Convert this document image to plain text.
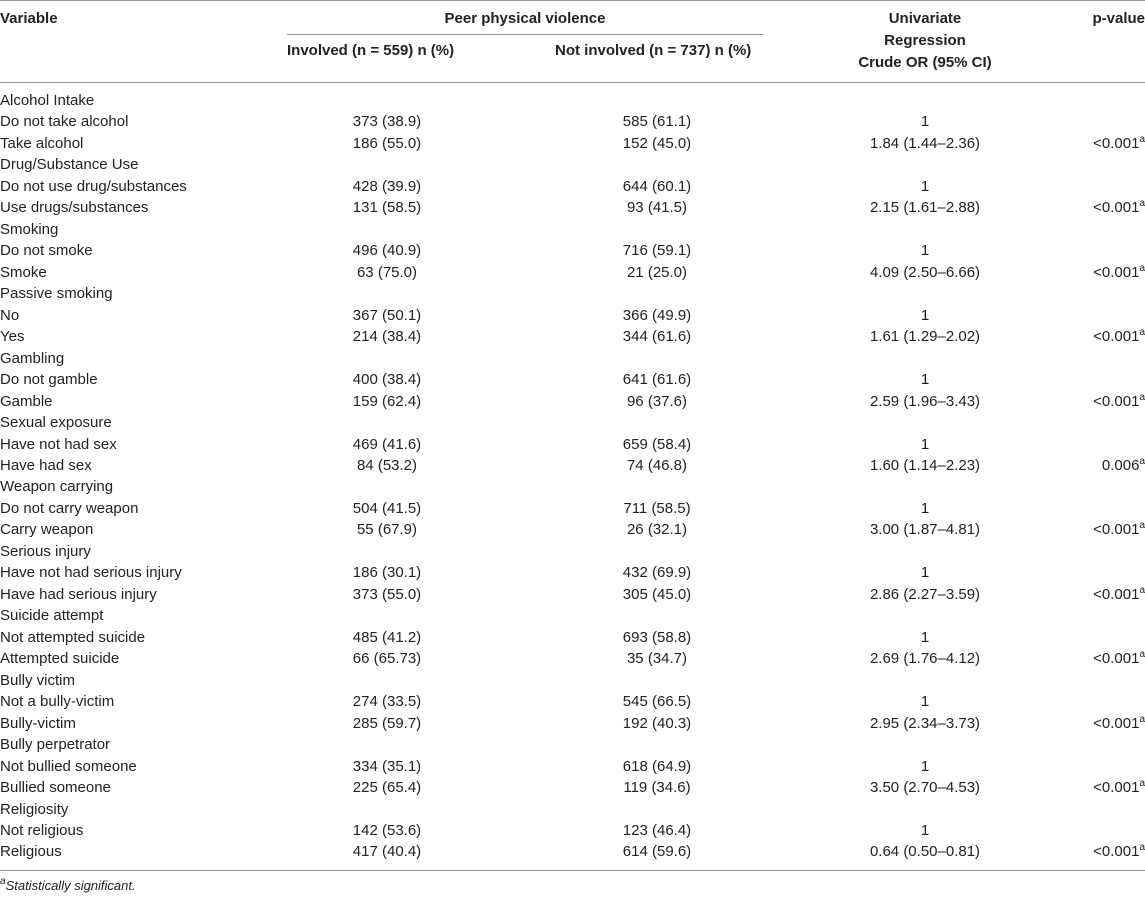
Variable	Peer physical violence
Involved (n = 559) n (%)	Not involved (n = 737) n (%)
Univariate
Regression
Crude OR (95% CI)
p-value
Alcohol Intake
Do not take alcohol	373 (38.9)	585 (61.1)	1
Take alcohol	186 (55.0)	152 (45.0)	1.84 (1.44–2.36)	<0.001$^a$
Drug/Substance Use
Do not use drug/substances	428 (39.9)	644 (60.1)	1
Use drugs/substances	131 (58.5)	93 (41.5)	2.15 (1.61–2.88)	<0.001$^a$
Smoking
Do not smoke	496 (40.9)	716 (59.1)	1
Smoke	63 (75.0)	21 (25.0)	4.09 (2.50–6.66)	<0.001$^a$
Passive smoking
No	367 (50.1)	366 (49.9)	1
Yes	214 (38.4)	344 (61.6)	1.61 (1.29–2.02)	<0.001$^a$
Gambling
Do not gamble	400 (38.4)	641 (61.6)	1
Gamble	159 (62.4)	96 (37.6)	2.59 (1.96–3.43)	<0.001$^a$
Sexual exposure
Have not had sex	469 (41.6)	659 (58.4)	1
Have had sex	84 (53.2)	74 (46.8)	1.60 (1.14–2.23)	0.006$^a$
Weapon carrying
Do not carry weapon	504 (41.5)	711 (58.5)	1
Carry weapon	55 (67.9)	26 (32.1)	3.00 (1.87–4.81)	<0.001$^a$
Serious injury
Have not had serious injury	186 (30.1)	432 (69.9)	1
Have had serious injury	373 (55.0)	305 (45.0)	2.86 (2.27–3.59)	<0.001$^a$
Suicide attempt
Not attempted suicide	485 (41.2)	693 (58.8)	1
Attempted suicide	66 (65.73)	35 (34.7)	2.69 (1.76–4.12)	<0.001$^a$
Bully victim
Not a bully-victim	274 (33.5)	545 (66.5)	1
Bully-victim	285 (59.7)	192 (40.3)	2.95 (2.34–3.73)	<0.001$^a$
Bully perpetrator
Not bullied someone	334 (35.1)	618 (64.9)	1
Bullied someone	225 (65.4)	119 (34.6)	3.50 (2.70–4.53)	<0.001$^a$
Religiosity
Not religious	142 (53.6)	123 (46.4)	1
Religious	417 (40.4)	614 (59.6)	0.64 (0.50–0.81)	<0.001$^a$
$^a$Statistically significant.
